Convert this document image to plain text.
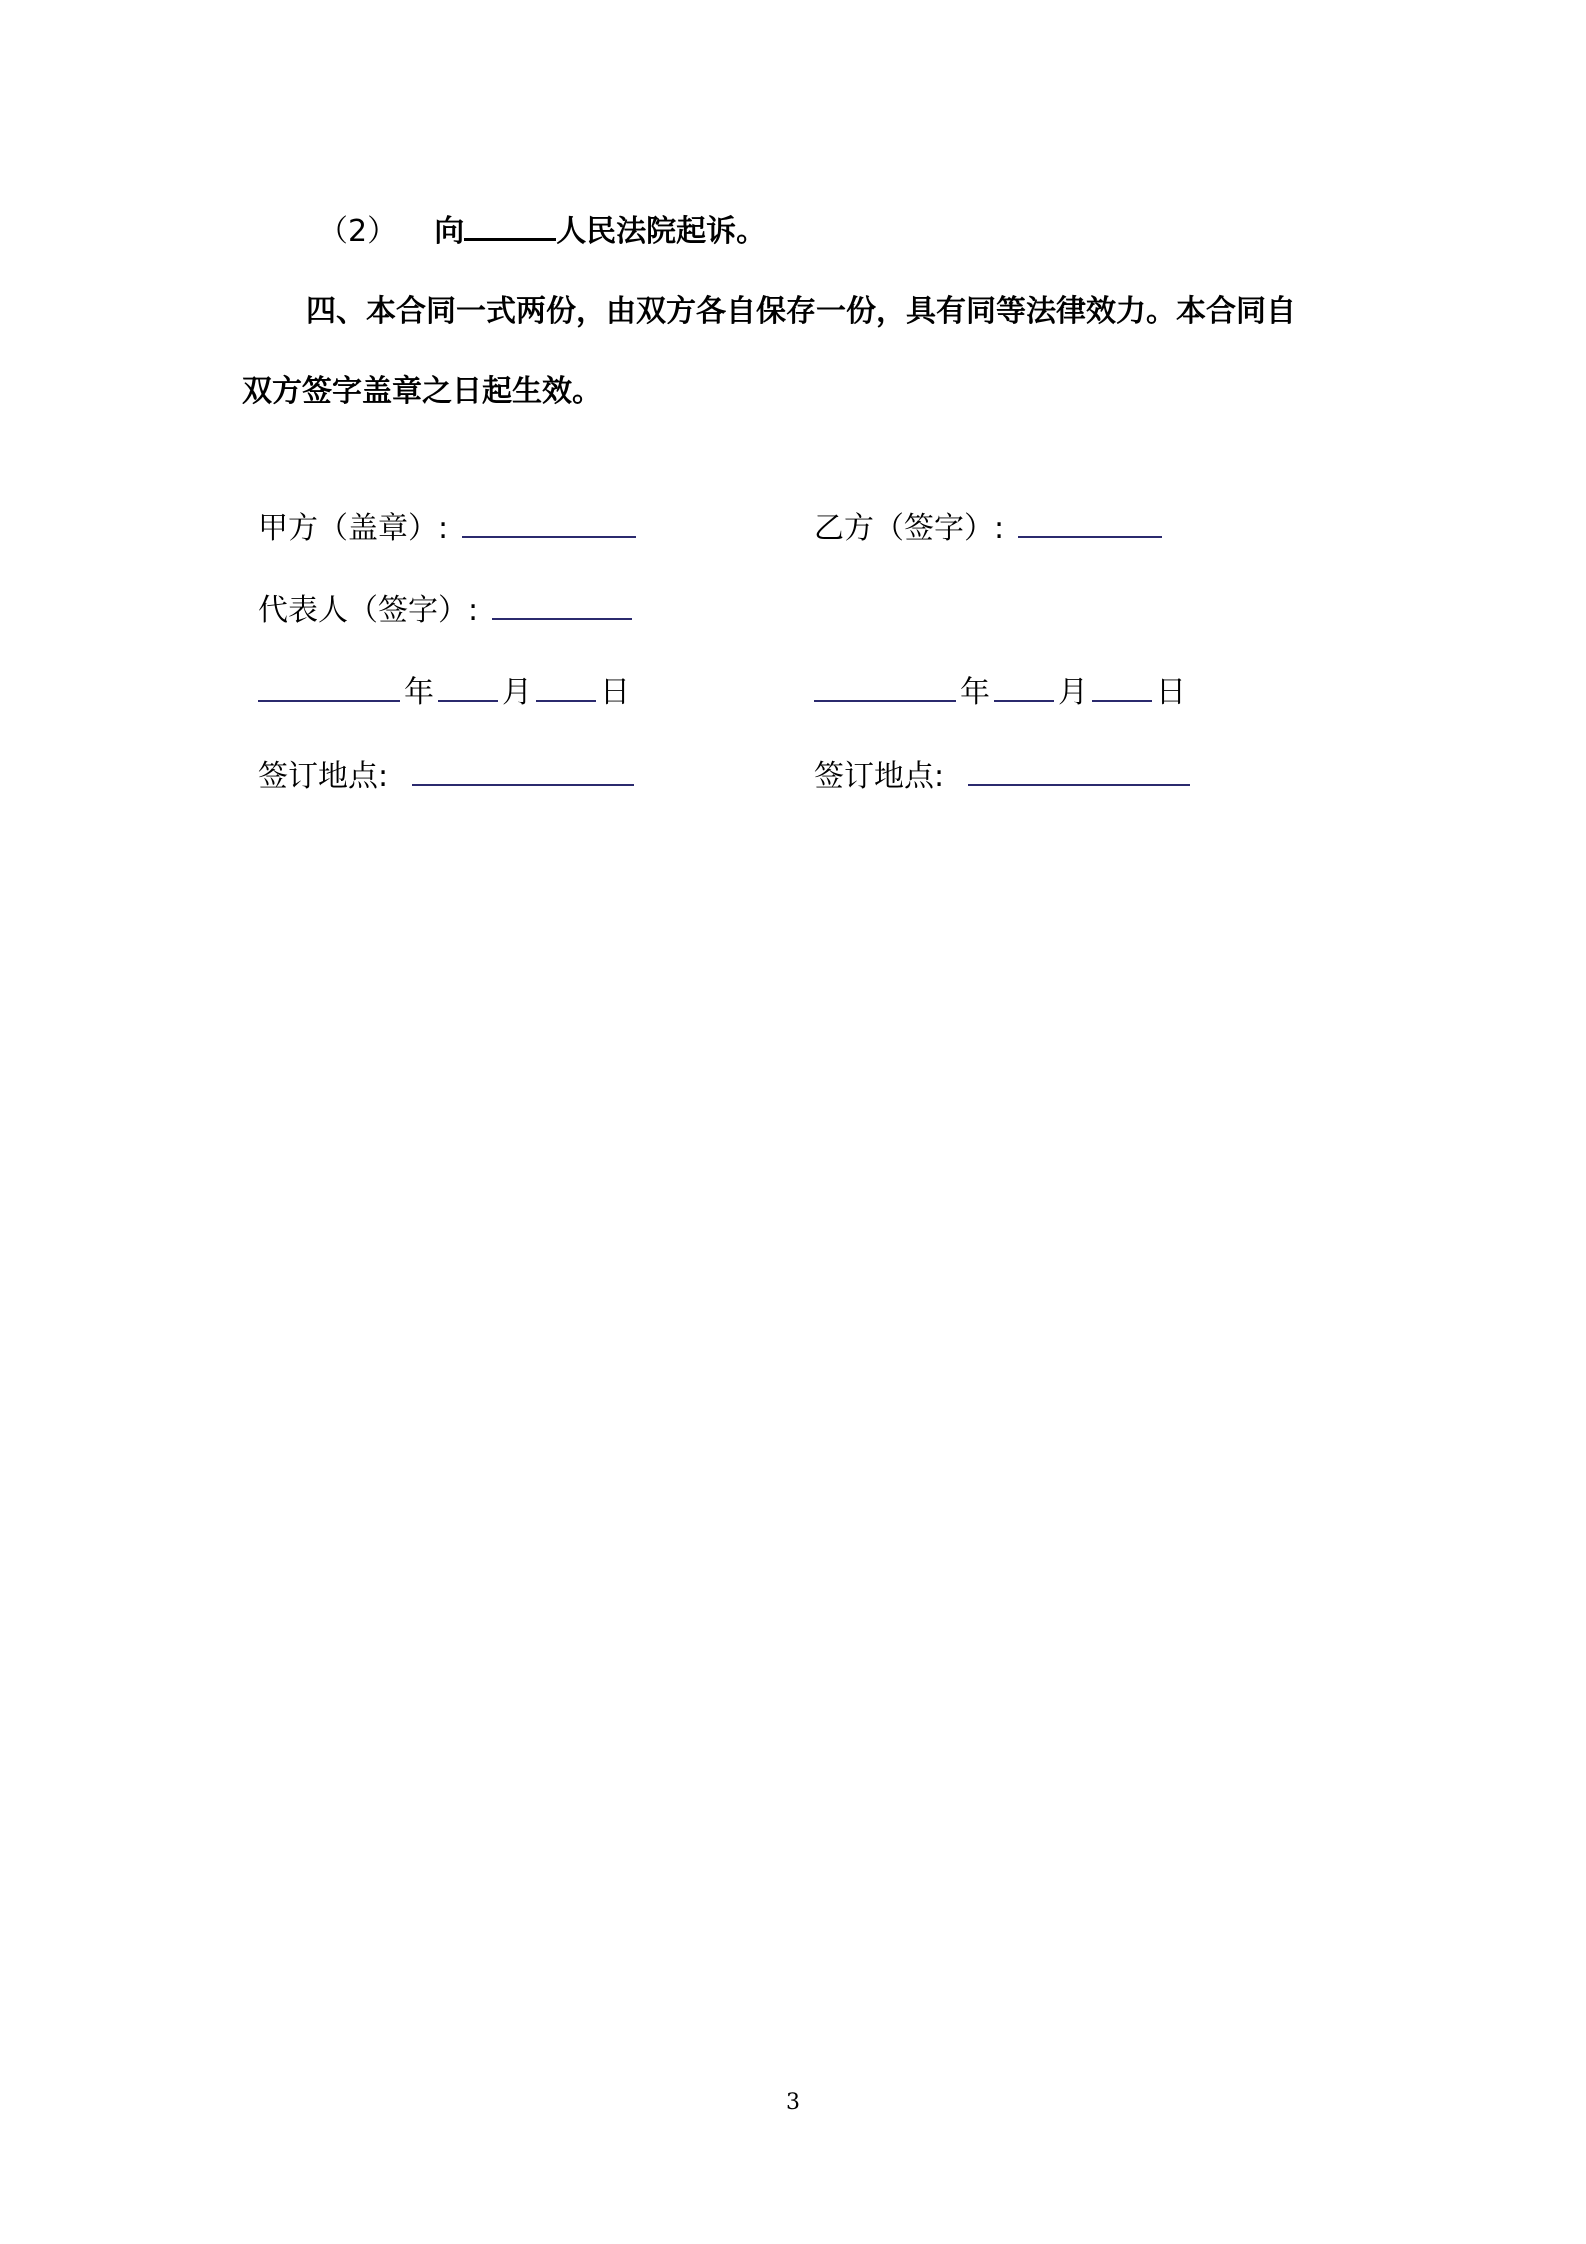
（2） 向	人民法院起诉。
四、本合同一式两份，由双方各自保存一份，具有同等法律效力。本合同自
双方签字盖章之日起生效。
甲方（盖章）:
代表人（签字）:
年 月 日
签订地点:
乙方（签字）:
年 月 日
签订地点:
3
